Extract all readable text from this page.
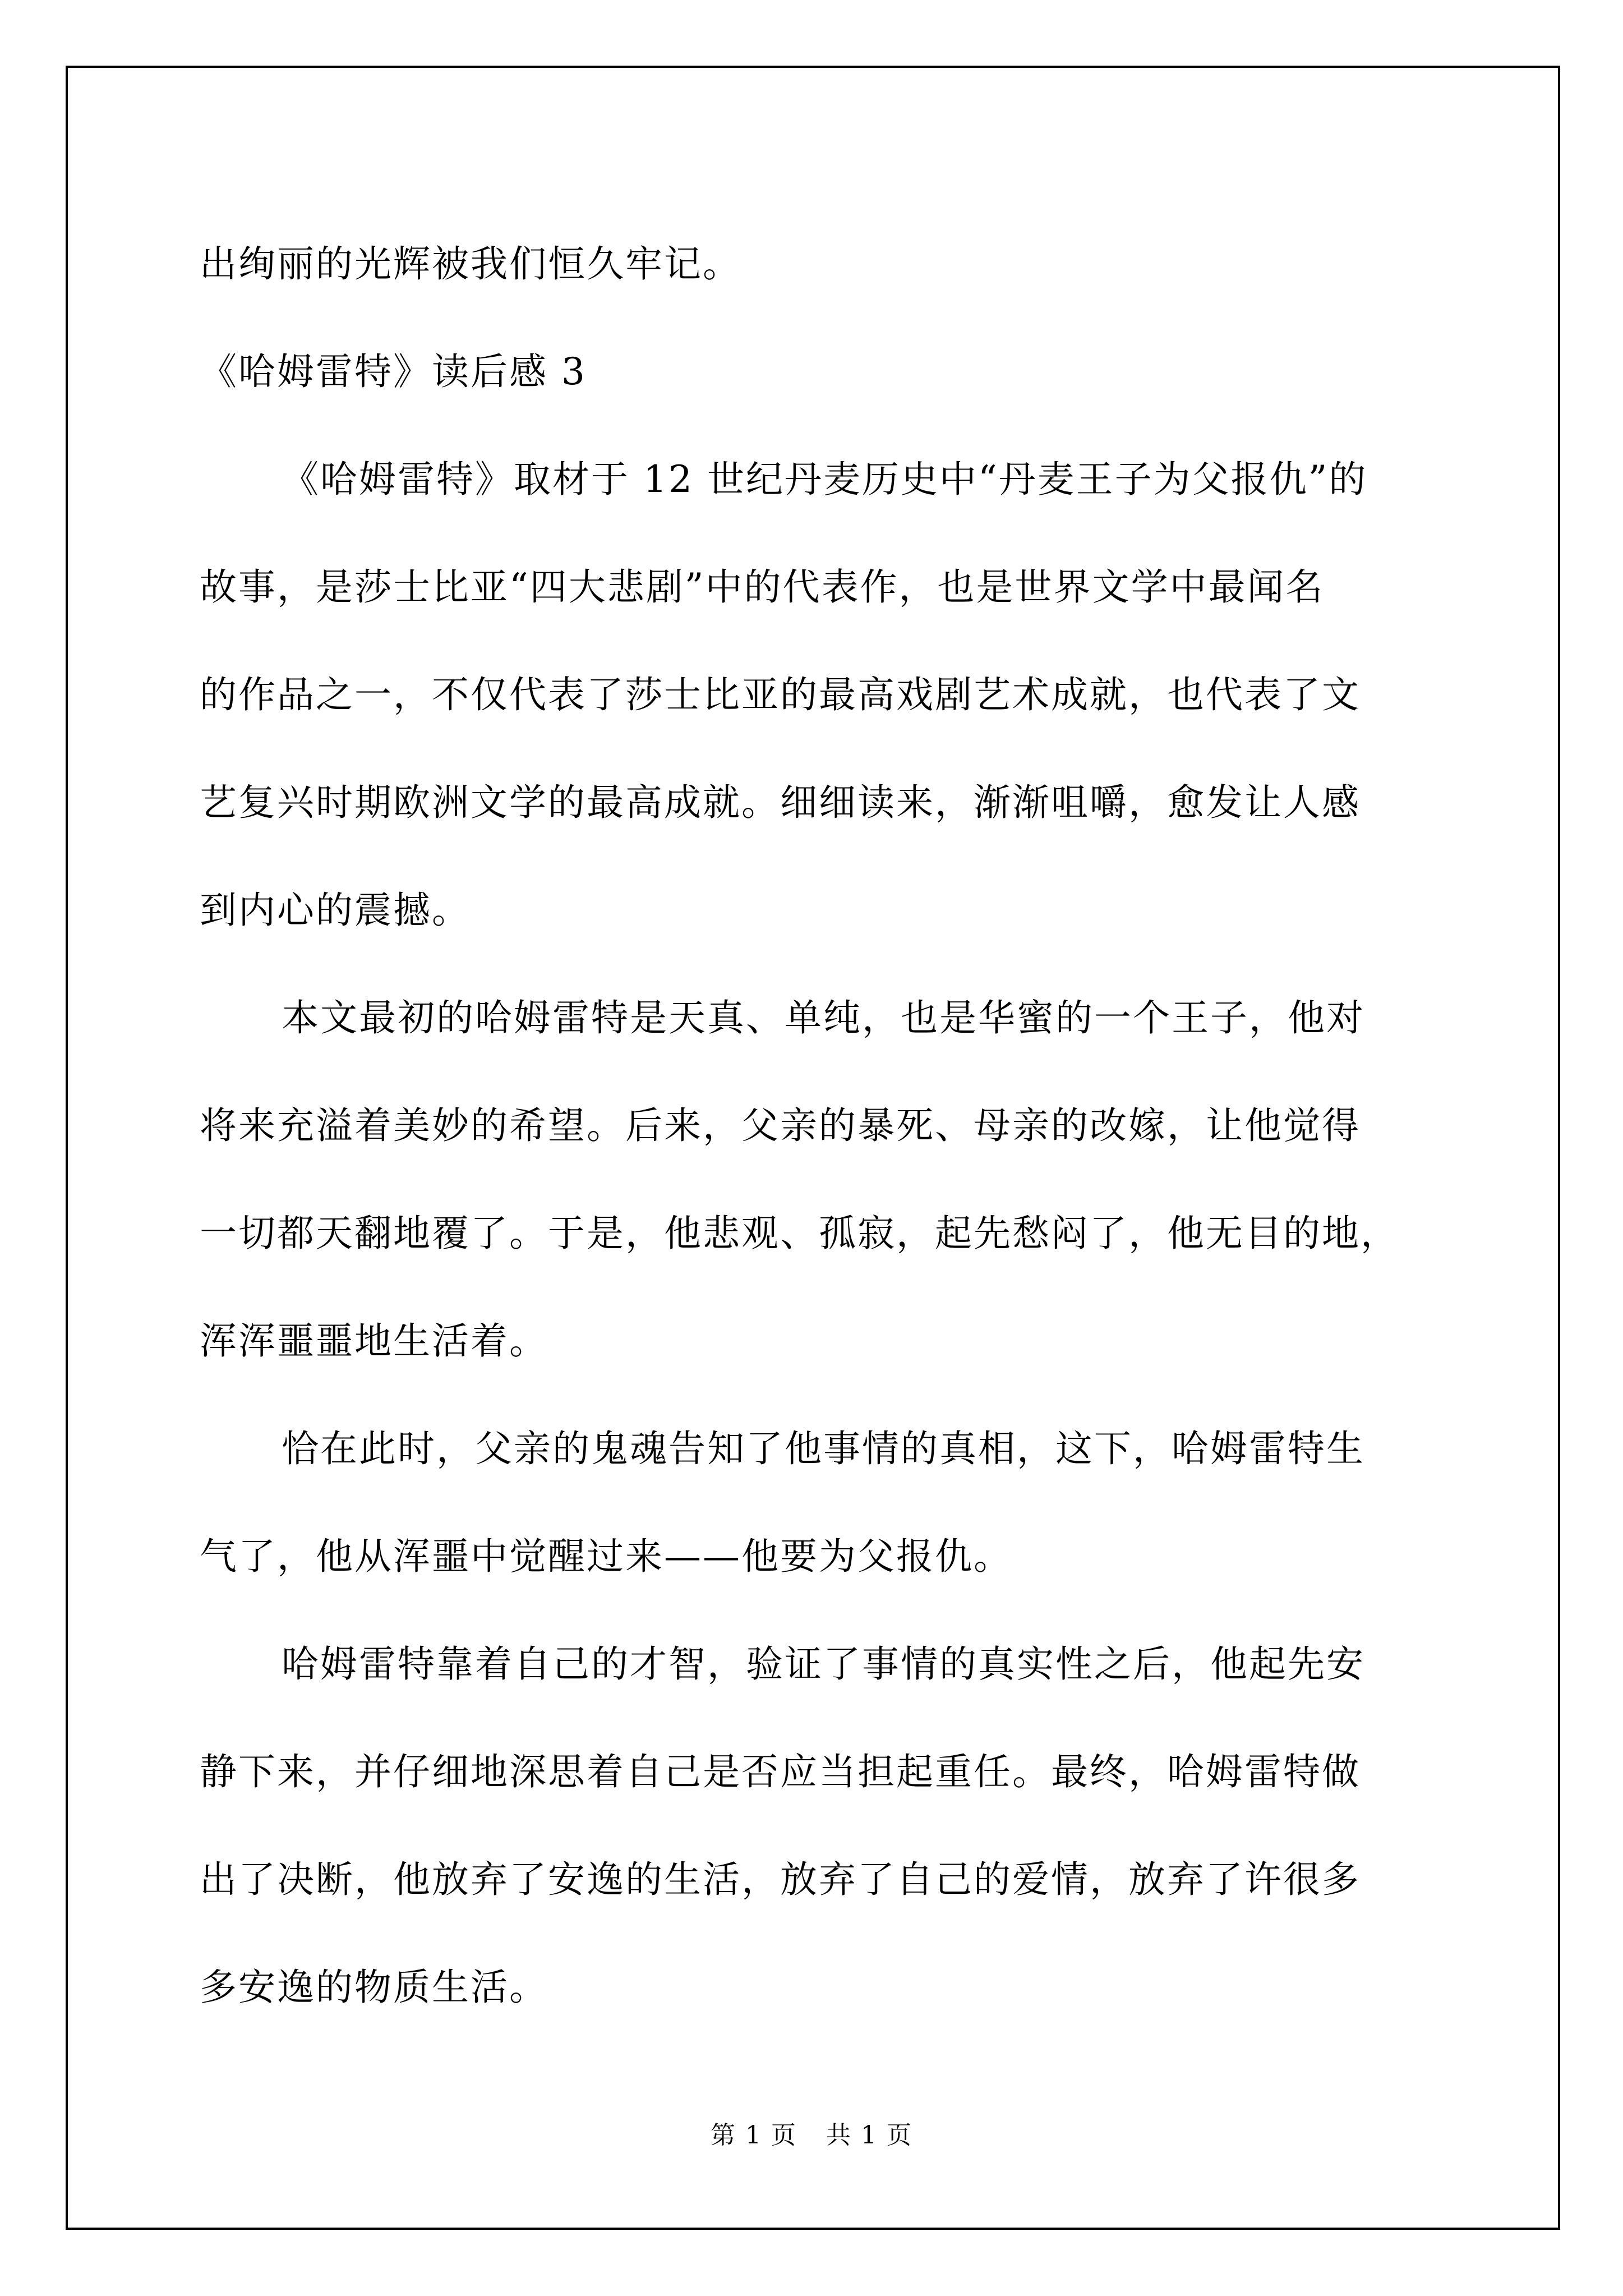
出绚丽的光辉被我们恒久牢记。
《哈姆雷特》读后感 3
《哈姆雷特》取材于 12 世纪丹麦历史中“丹麦王子为父报仇”的
故事，是莎士比亚“四大悲剧”中的代表作，也是世界文学中最闻名
的作品之一，不仅代表了莎士比亚的最高戏剧艺术成就，也代表了文
艺复兴时期欧洲文学的最高成就。细细读来，渐渐咀嚼，愈发让人感
到内心的震撼。
本文最初的哈姆雷特是天真、单纯，也是华蜜的一个王子，他对
将来充溢着美妙的希望。后来，父亲的暴死、母亲的改嫁，让他觉得
一切都天翻地覆了。于是，他悲观、孤寂，起先愁闷了，他无目的地，
浑浑噩噩地生活着。
恰在此时，父亲的鬼魂告知了他事情的真相，这下，哈姆雷特生
气了，他从浑噩中觉醒过来——他要为父报仇。
哈姆雷特靠着自己的才智，验证了事情的真实性之后，他起先安
静下来，并仔细地深思着自己是否应当担起重任。最终，哈姆雷特做
出了决断，他放弃了安逸的生活，放弃了自己的爱情，放弃了许很多
多安逸的物质生活。
第 1 页 共 1 页
